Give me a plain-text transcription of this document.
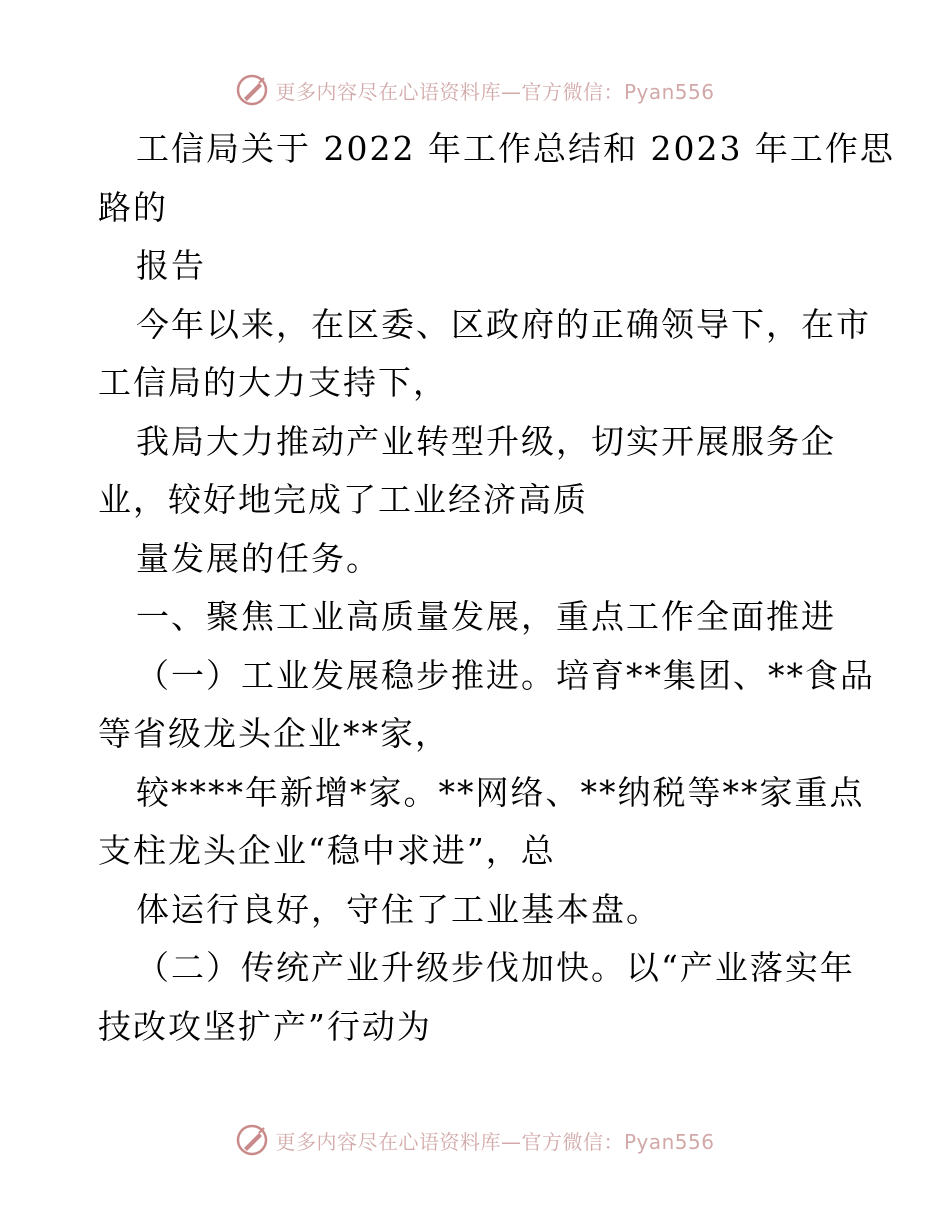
更多内容尽在心语资料库—官方微信：Pyan556
工信局关于 2022 年工作总结和 2023 年工作思
路的
报告
今年以来，在区委、区政府的正确领导下，在市
工信局的大力支持下，
我局大力推动产业转型升级，切实开展服务企
业，较好地完成了工业经济高质
量发展的任务。
一、聚焦工业高质量发展，重点工作全面推进
（一）工业发展稳步推进。培育**集团、**食品
等省级龙头企业**家，
较****年新增*家。**网络、**纳税等**家重点
支柱龙头企业“稳中求进”，总
体运行良好，守住了工业基本盘。
（二）传统产业升级步伐加快。以“产业落实年
技改攻坚扩产”行动为
更多内容尽在心语资料库—官方微信：Pyan556
